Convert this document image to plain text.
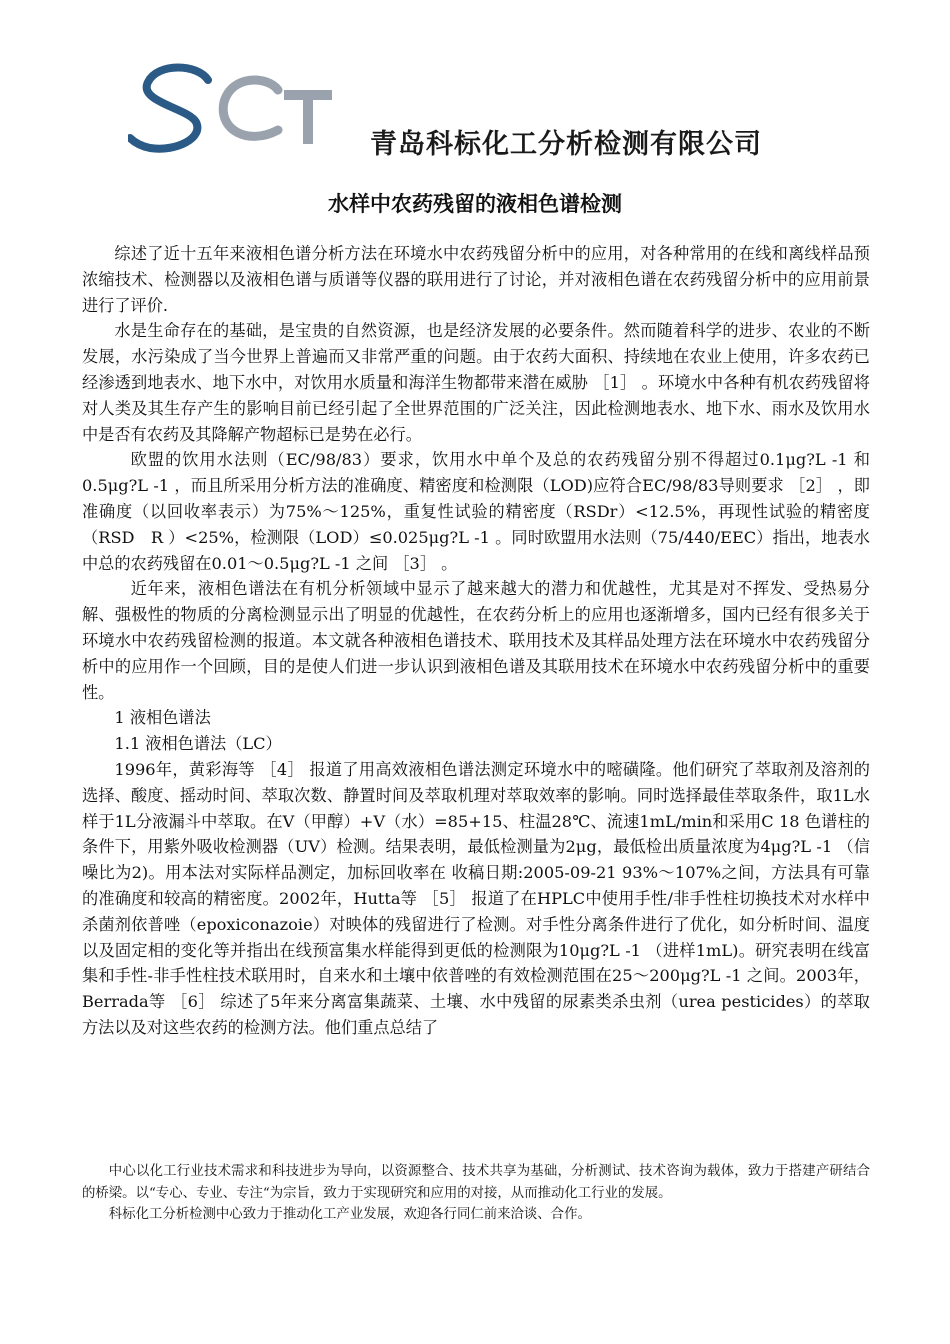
青岛科标化工分析检测有限公司
水样中农药残留的液相色谱检测

综述了近十五年来液相色谱分析方法在环境水中农药残留分析中的应用，对各种常用的在线和离线样品预浓缩技术、检测器以及液相色谱与质谱等仪器的联用进行了讨论，并对液相色谱在农药残留分析中的应用前景进行了评价.

水是生命存在的基础，是宝贵的自然资源，也是经济发展的必要条件。然而随着科学的进步、农业的不断发展，水污染成了当今世界上普遍而又非常严重的问题。由于农药大面积、持续地在农业上使用，许多农药已经渗透到地表水、地下水中，对饮用水质量和海洋生物都带来潜在威胁 ［1］ 。环境水中各种有机农药残留将对人类及其生存产生的影响目前已经引起了全世界范围的广泛关注，因此检测地表水、地下水、雨水及饮用水中是否有农药及其降解产物超标已是势在必行。

欧盟的饮用水法则（EC/98/83）要求，饮用水中单个及总的农药残留分别不得超过0.1μg?L -1 和0.5μg?L -1 ，而且所采用分析方法的准确度、精密度和检测限（LOD)应符合EC/98/83导则要求 ［2］ ，即准确度（以回收率表示）为75%～125%，重复性试验的精密度（RSDr）<12.5%，再现性试验的精密度（RSD　R ）<25%，检测限（LOD）≤0.025μg?L -1 。同时欧盟用水法则（75/440/EEC）指出，地表水中总的农药残留在0.01～0.5μg?L -1 之间 ［3］ 。

近年来，液相色谱法在有机分析领域中显示了越来越大的潜力和优越性，尤其是对不挥发、受热易分解、强极性的物质的分离检测显示出了明显的优越性，在农药分析上的应用也逐渐增多，国内已经有很多关于环境水中农药残留检测的报道。本文就各种液相色谱技术、联用技术及其样品处理方法在环境水中农药残留分析中的应用作一个回顾，目的是使人们进一步认识到液相色谱及其联用技术在环境水中农药残留分析中的重要性。

1 液相色谱法

1.1 液相色谱法（LC）

1996年，黄彩海等 ［4］ 报道了用高效液相色谱法测定环境水中的嘧磺隆。他们研究了萃取剂及溶剂的选择、酸度、摇动时间、萃取次数、静置时间及萃取机理对萃取效率的影响。同时选择最佳萃取条件，取1L水样于1L分液漏斗中萃取。在V（甲醇）+V（水）=85+15、柱温28℃、流速1mL/min和采用C 18 色谱柱的条件下，用紫外吸收检测器（UV）检测。结果表明，最低检测量为2μg，最低检出质量浓度为4μg?L -1 （信噪比为2)。用本法对实际样品测定，加标回收率在 收稿日期:2005-09-21 93%～107%之间，方法具有可靠的准确度和较高的精密度。2002年，Hutta等 ［5］ 报道了在HPLC中使用手性/非手性柱切换技术对水样中杀菌剂依普唑（epoxiconazoie）对映体的残留进行了检测。对手性分离条件进行了优化，如分析时间、温度以及固定相的变化等并指出在线预富集水样能得到更低的检测限为10μg?L -1 （进样1mL)。研究表明在线富集和手性-非手性柱技术联用时，自来水和土壤中依普唑的有效检测范围在25～200μg?L -1 之间。2003年，Berrada等 ［6］ 综述了5年来分离富集蔬菜、土壤、水中残留的尿素类杀虫剂（urea pesticides）的萃取方法以及对这些农药的检测方法。他们重点总结了

中心以化工行业技术需求和科技进步为导向，以资源整合、技术共享为基础，分析测试、技术咨询为载体，致力于搭建产研结合的桥梁。以“专心、专业、专注“为宗旨，致力于实现研究和应用的对接，从而推动化工行业的发展。

科标化工分析检测中心致力于推动化工产业发展，欢迎各行同仁前来洽谈、合作。
